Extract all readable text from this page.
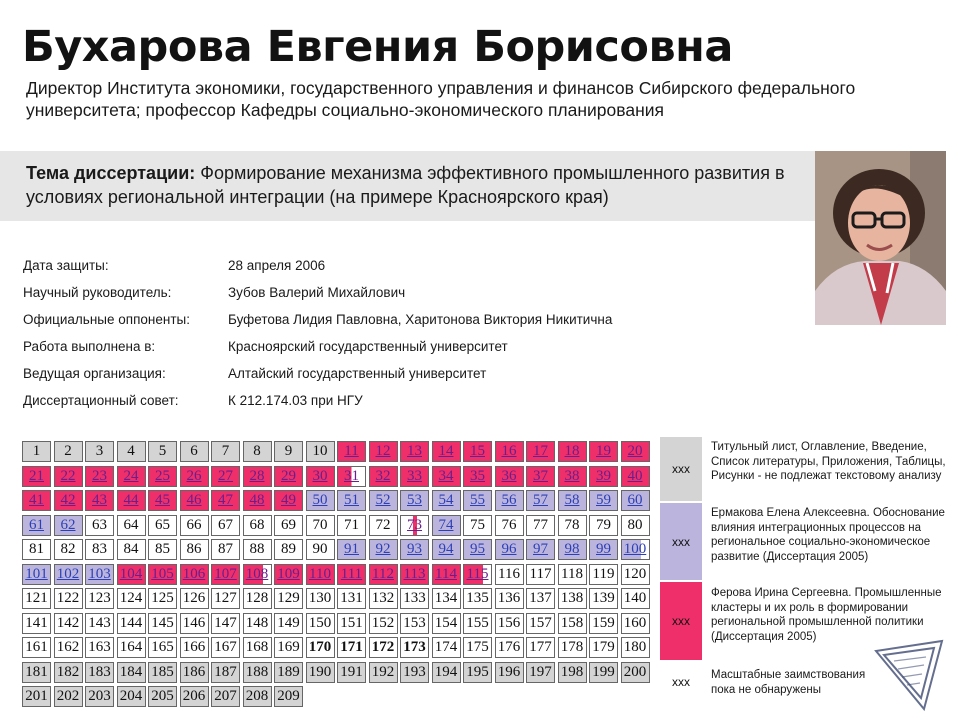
Бухарова Евгения Борисовна
Директор Института экономики, государственного управления и финансов Сибирского федерального университета; профессор Кафедры социально-экономического планирования
Тема диссертации: Формирование механизма эффективного промышленного развития в условиях региональной интеграции (на примере Красноярского края)
Дата защиты:	28 апреля 2006
Научный руководитель:	Зубов Валерий Михайлович
Официальные оппоненты:	Буфетова Лидия Павловна, Харитонова Виктория Никитична
Работа выполнена в:	Красноярский государственный университет
Ведущая организация:	Алтайский государственный университет
Диссертационный совет:	К 212.174.03 при НГУ
1	2	3	4	5	6	7	8	9	10	11	12	13	14	15	16	17	18	19	20
21	22	23	24	25	26	27	28	29	30	31	32	33	34	35	36	37	38	39	40
41	42	43	44	45	46	47	48	49	50	51	52	53	54	55	56	57	58	59	60
61	62	63	64	65	66	67	68	69	70	71	72	73	74	75	76	77	78	79	80
81	82	83	84	85	86	87	88	89	90	91	92	93	94	95	96	97	98	99 100
101 102 103 104 105 106 107 108 109 110 111 112 113 114 115 116 117 118 119 120
121 122 123 124 125 126 127 128 129 130 131 132 133 134 135 136 137 138 139 140
141 142 143 144 145 146 147 148 149 150 151 152 153 154 155 156 157 158 159 160
161 162 163 164 165 166 167 168 169 170 171 172 173 174 175 176 177 178 179 180
181 182 183 184 185 186 187 188 189 190 191 192 193 194 195 196 197 198 199 200
201 202 203 204 205 206 207 208 209
xxx
Титульный лист, Оглавление, Введение, Список литературы, Приложения, Таблицы, Рисунки - не подлежат текстовому анализу
xxx
Ермакова Елена Алексеевна. Обоснование влияния интеграционных процессов на региональное социально-экономическое развитие (Диссертация 2005)
xxx
Ферова Ирина Сергеевна. Промышленные кластеры и их роль в формировании региональной промышленной политики (Диссертация 2005)
xxx	Масштабные заимствования пока не обнаружены
